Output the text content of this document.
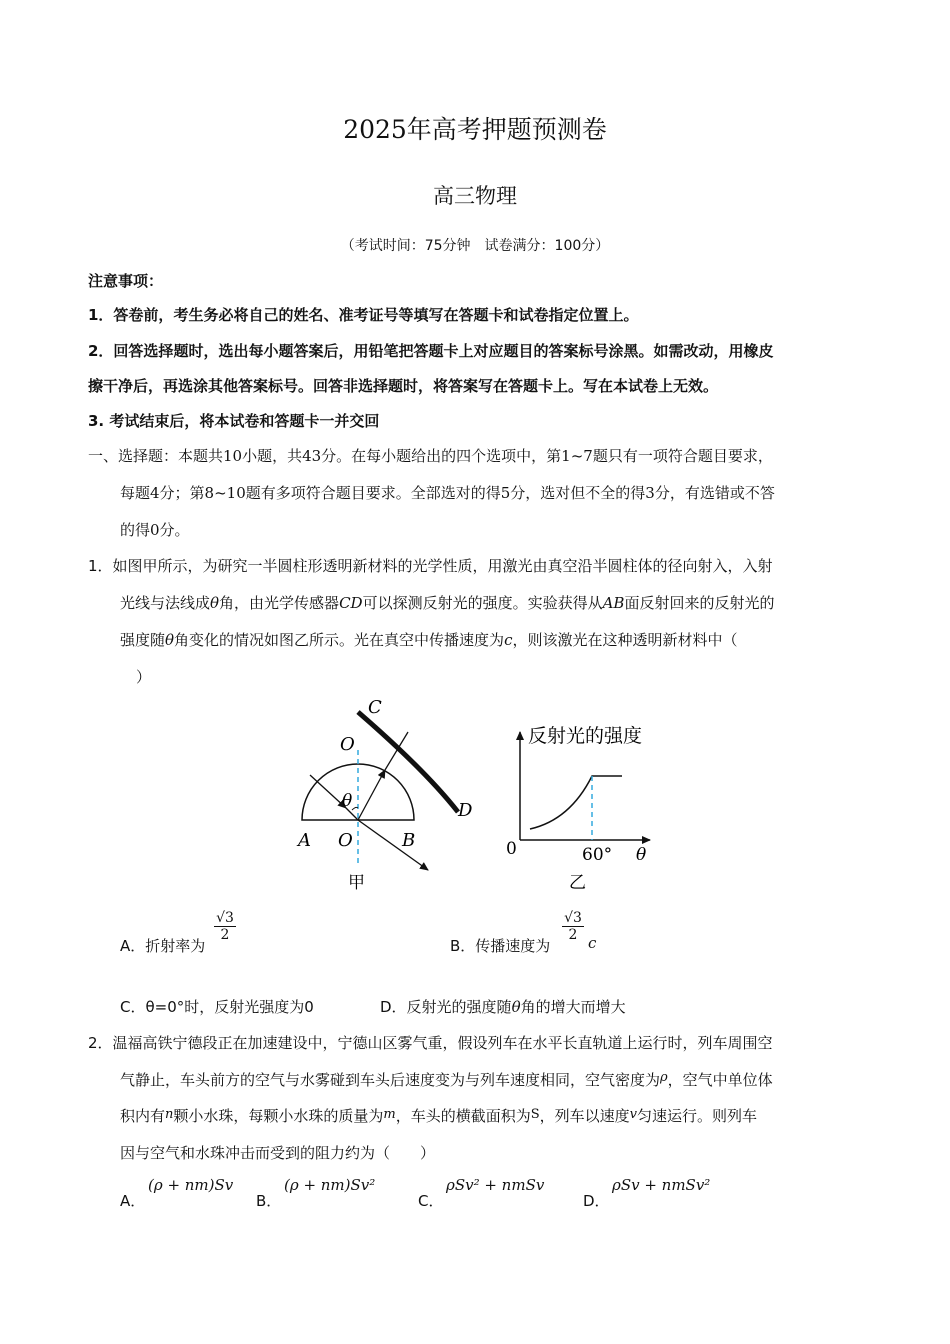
2025年高考押题预测卷
高三物理
（考试时间：75分钟　试卷满分：100分）
注意事项：
1．答卷前，考生务必将自己的姓名、准考证号等填写在答题卡和试卷指定位置上。
2．回答选择题时，选出每小题答案后，用铅笔把答题卡上对应题目的答案标号涂黑。如需改动，用橡皮
擦干净后，再选涂其他答案标号。回答非选择题时，将答案写在答题卡上。写在本试卷上无效。
3. 考试结束后，将本试卷和答题卡一并交回
一、选择题：本题共10小题，共43分。在每小题给出的四个选项中，第1~7题只有一项符合题目要求，
每题4分；第8~10题有多项符合题目要求。全部选对的得5分，选对但不全的得3分，有选错或不答
的得0分。
1．如图甲所示，为研究一半圆柱形透明新材料的光学性质，用激光由真空沿半圆柱体的径向射入，入射
光线与法线成θ角，由光学传感器CD可以探测反射光的强度。实验获得从AB面反射回来的反射光的
强度随θ角变化的情况如图乙所示。光在真空中传播速度为c，则该激光在这种透明新材料中（
）
C
D
O
θ
A O	B
甲
反射光的强度
0	60° θ
乙
A．折射率为
$\frac{√3}{2}$
B．传播速度为
$\frac{√3}{2}$ c
C．θ=0°时，反射光强度为0	D．反射光的强度随θ角的增大而增大
2．温福高铁宁德段正在加速建设中，宁德山区雾气重，假设列车在水平长直轨道上运行时，列车周围空
气静止，车头前方的空气与水雾碰到车头后速度变为与列车速度相同，空气密度为ρ，空气中单位体
积内有n颗小水珠，每颗小水珠的质量为m，车头的横截面积为S，列车以速度v匀速运行。则列车
因与空气和水珠冲击而受到的阻力约为（　　）
A．
(ρ + nm)Sv
B．
(ρ + nm)Sv²
C．
ρSv² + nmSv
D．
ρSv + nmSv²
